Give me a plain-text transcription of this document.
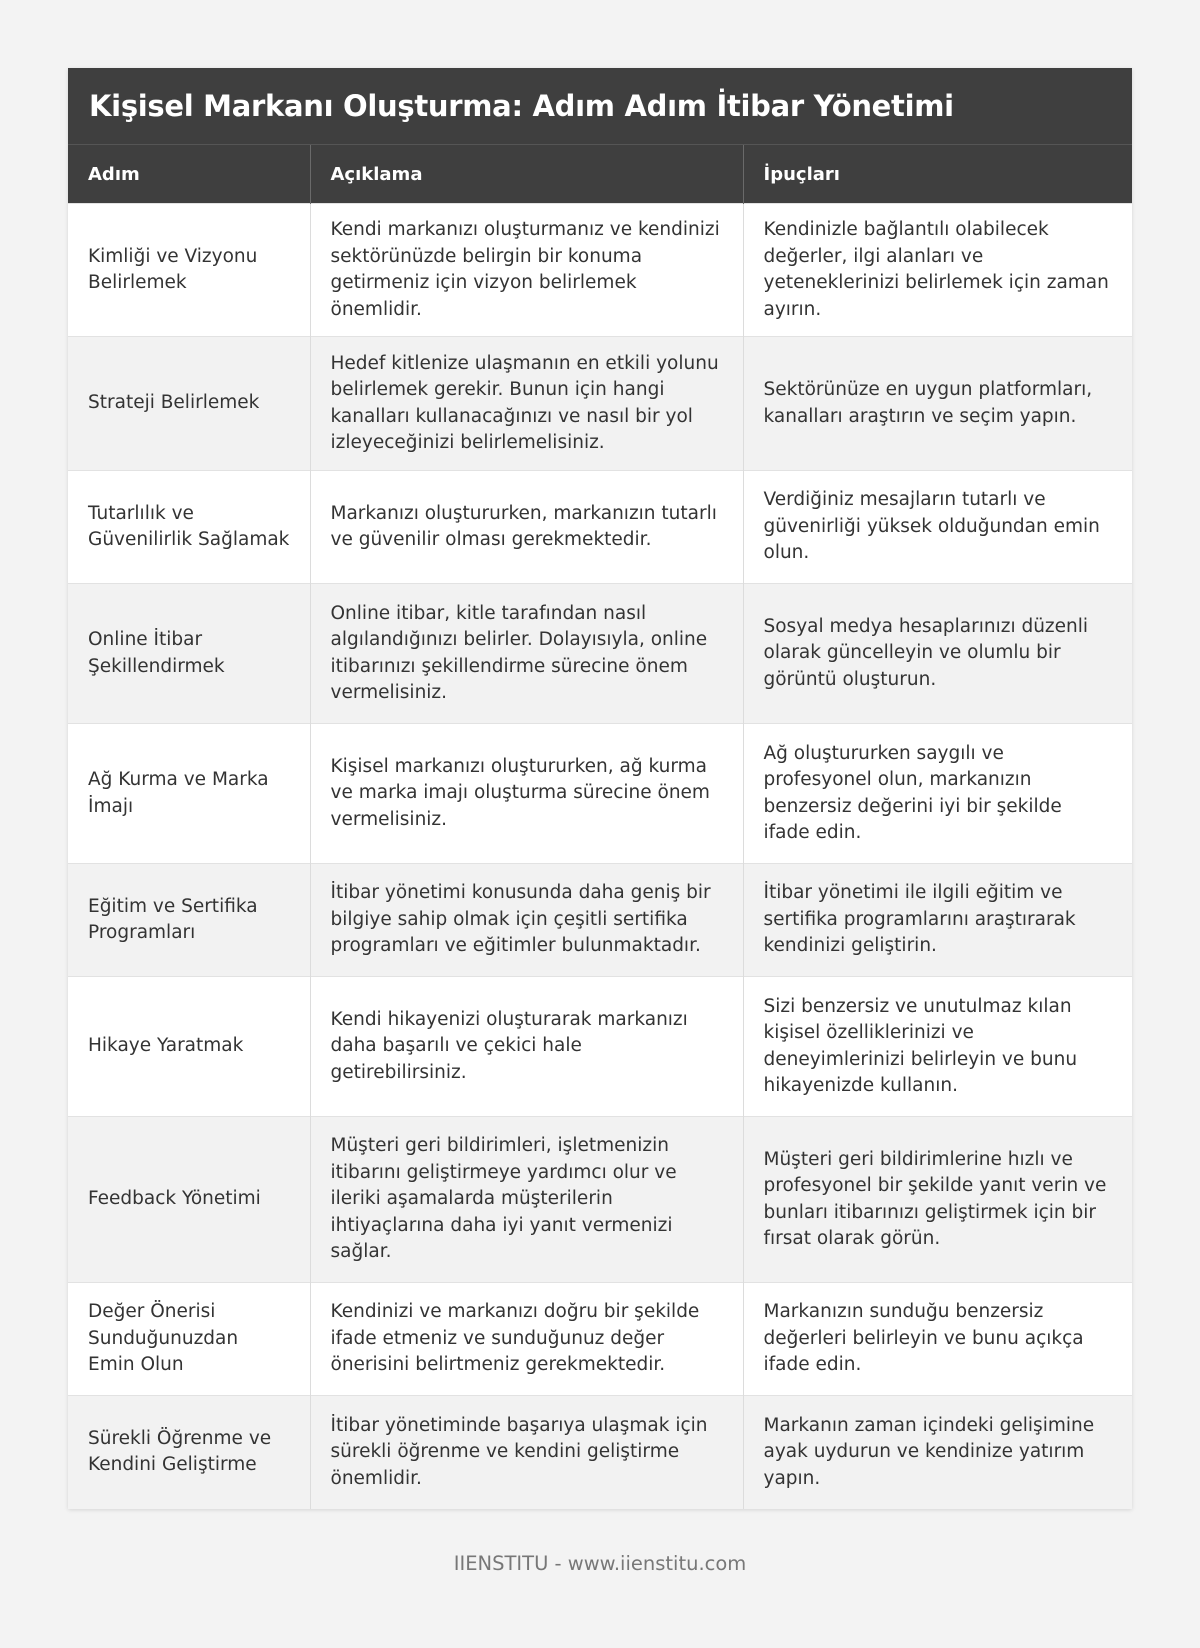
Kişisel Markanı Oluşturma: Adım Adım İtibar Yönetimi
Adım	Açıklama	İpuçları
Kimliği ve Vizyonu Belirlemek	Kendi markanızı oluşturmanız ve kendinizi sektörünüzde belirgin bir konuma getirmeniz için vizyon belirlemek önemlidir.	Kendinizle bağlantılı olabilecek değerler, ilgi alanları ve yeteneklerinizi belirlemek için zaman ayırın.
Strateji Belirlemek	Hedef kitlenize ulaşmanın en etkili yolunu belirlemek gerekir. Bunun için hangi kanalları kullanacağınızı ve nasıl bir yol izleyeceğinizi belirlemelisiniz.	Sektörünüze en uygun platformları, kanalları araştırın ve seçim yapın.
Tutarlılık ve Güvenilirlik Sağlamak	Markanızı oluştururken, markanızın tutarlı ve güvenilir olması gerekmektedir.	Verdiğiniz mesajların tutarlı ve güvenirliği yüksek olduğundan emin olun.
Online İtibar Şekillendirmek	Online itibar, kitle tarafından nasıl algılandığınızı belirler. Dolayısıyla, online itibarınızı şekillendirme sürecine önem vermelisiniz.	Sosyal medya hesaplarınızı düzenli olarak güncelleyin ve olumlu bir görüntü oluşturun.
Ağ Kurma ve Marka İmajı	Kişisel markanızı oluştururken, ağ kurma ve marka imajı oluşturma sürecine önem vermelisiniz.	Ağ oluştururken saygılı ve profesyonel olun, markanızın benzersiz değerini iyi bir şekilde ifade edin.
Eğitim ve Sertifika Programları	İtibar yönetimi konusunda daha geniş bir bilgiye sahip olmak için çeşitli sertifika programları ve eğitimler bulunmaktadır.	İtibar yönetimi ile ilgili eğitim ve sertifika programlarını araştırarak kendinizi geliştirin.
Hikaye Yaratmak	Kendi hikayenizi oluşturarak markanızı daha başarılı ve çekici hale getirebilirsiniz.	Sizi benzersiz ve unutulmaz kılan kişisel özelliklerinizi ve deneyimlerinizi belirleyin ve bunu hikayenizde kullanın.
Feedback Yönetimi	Müşteri geri bildirimleri, işletmenizin itibarını geliştirmeye yardımcı olur ve ileriki aşamalarda müşterilerin ihtiyaçlarına daha iyi yanıt vermenizi sağlar.	Müşteri geri bildirimlerine hızlı ve profesyonel bir şekilde yanıt verin ve bunları itibarınızı geliştirmek için bir fırsat olarak görün.
Değer Önerisi Sunduğunuzdan Emin Olun	Kendinizi ve markanızı doğru bir şekilde ifade etmeniz ve sunduğunuz değer önerisini belirtmeniz gerekmektedir.	Markanızın sunduğu benzersiz değerleri belirleyin ve bunu açıkça ifade edin.
Sürekli Öğrenme ve Kendini Geliştirme	İtibar yönetiminde başarıya ulaşmak için sürekli öğrenme ve kendini geliştirme önemlidir.	Markanın zaman içindeki gelişimine ayak uydurun ve kendinize yatırım yapın.
IIENSTITU - www.iienstitu.com
